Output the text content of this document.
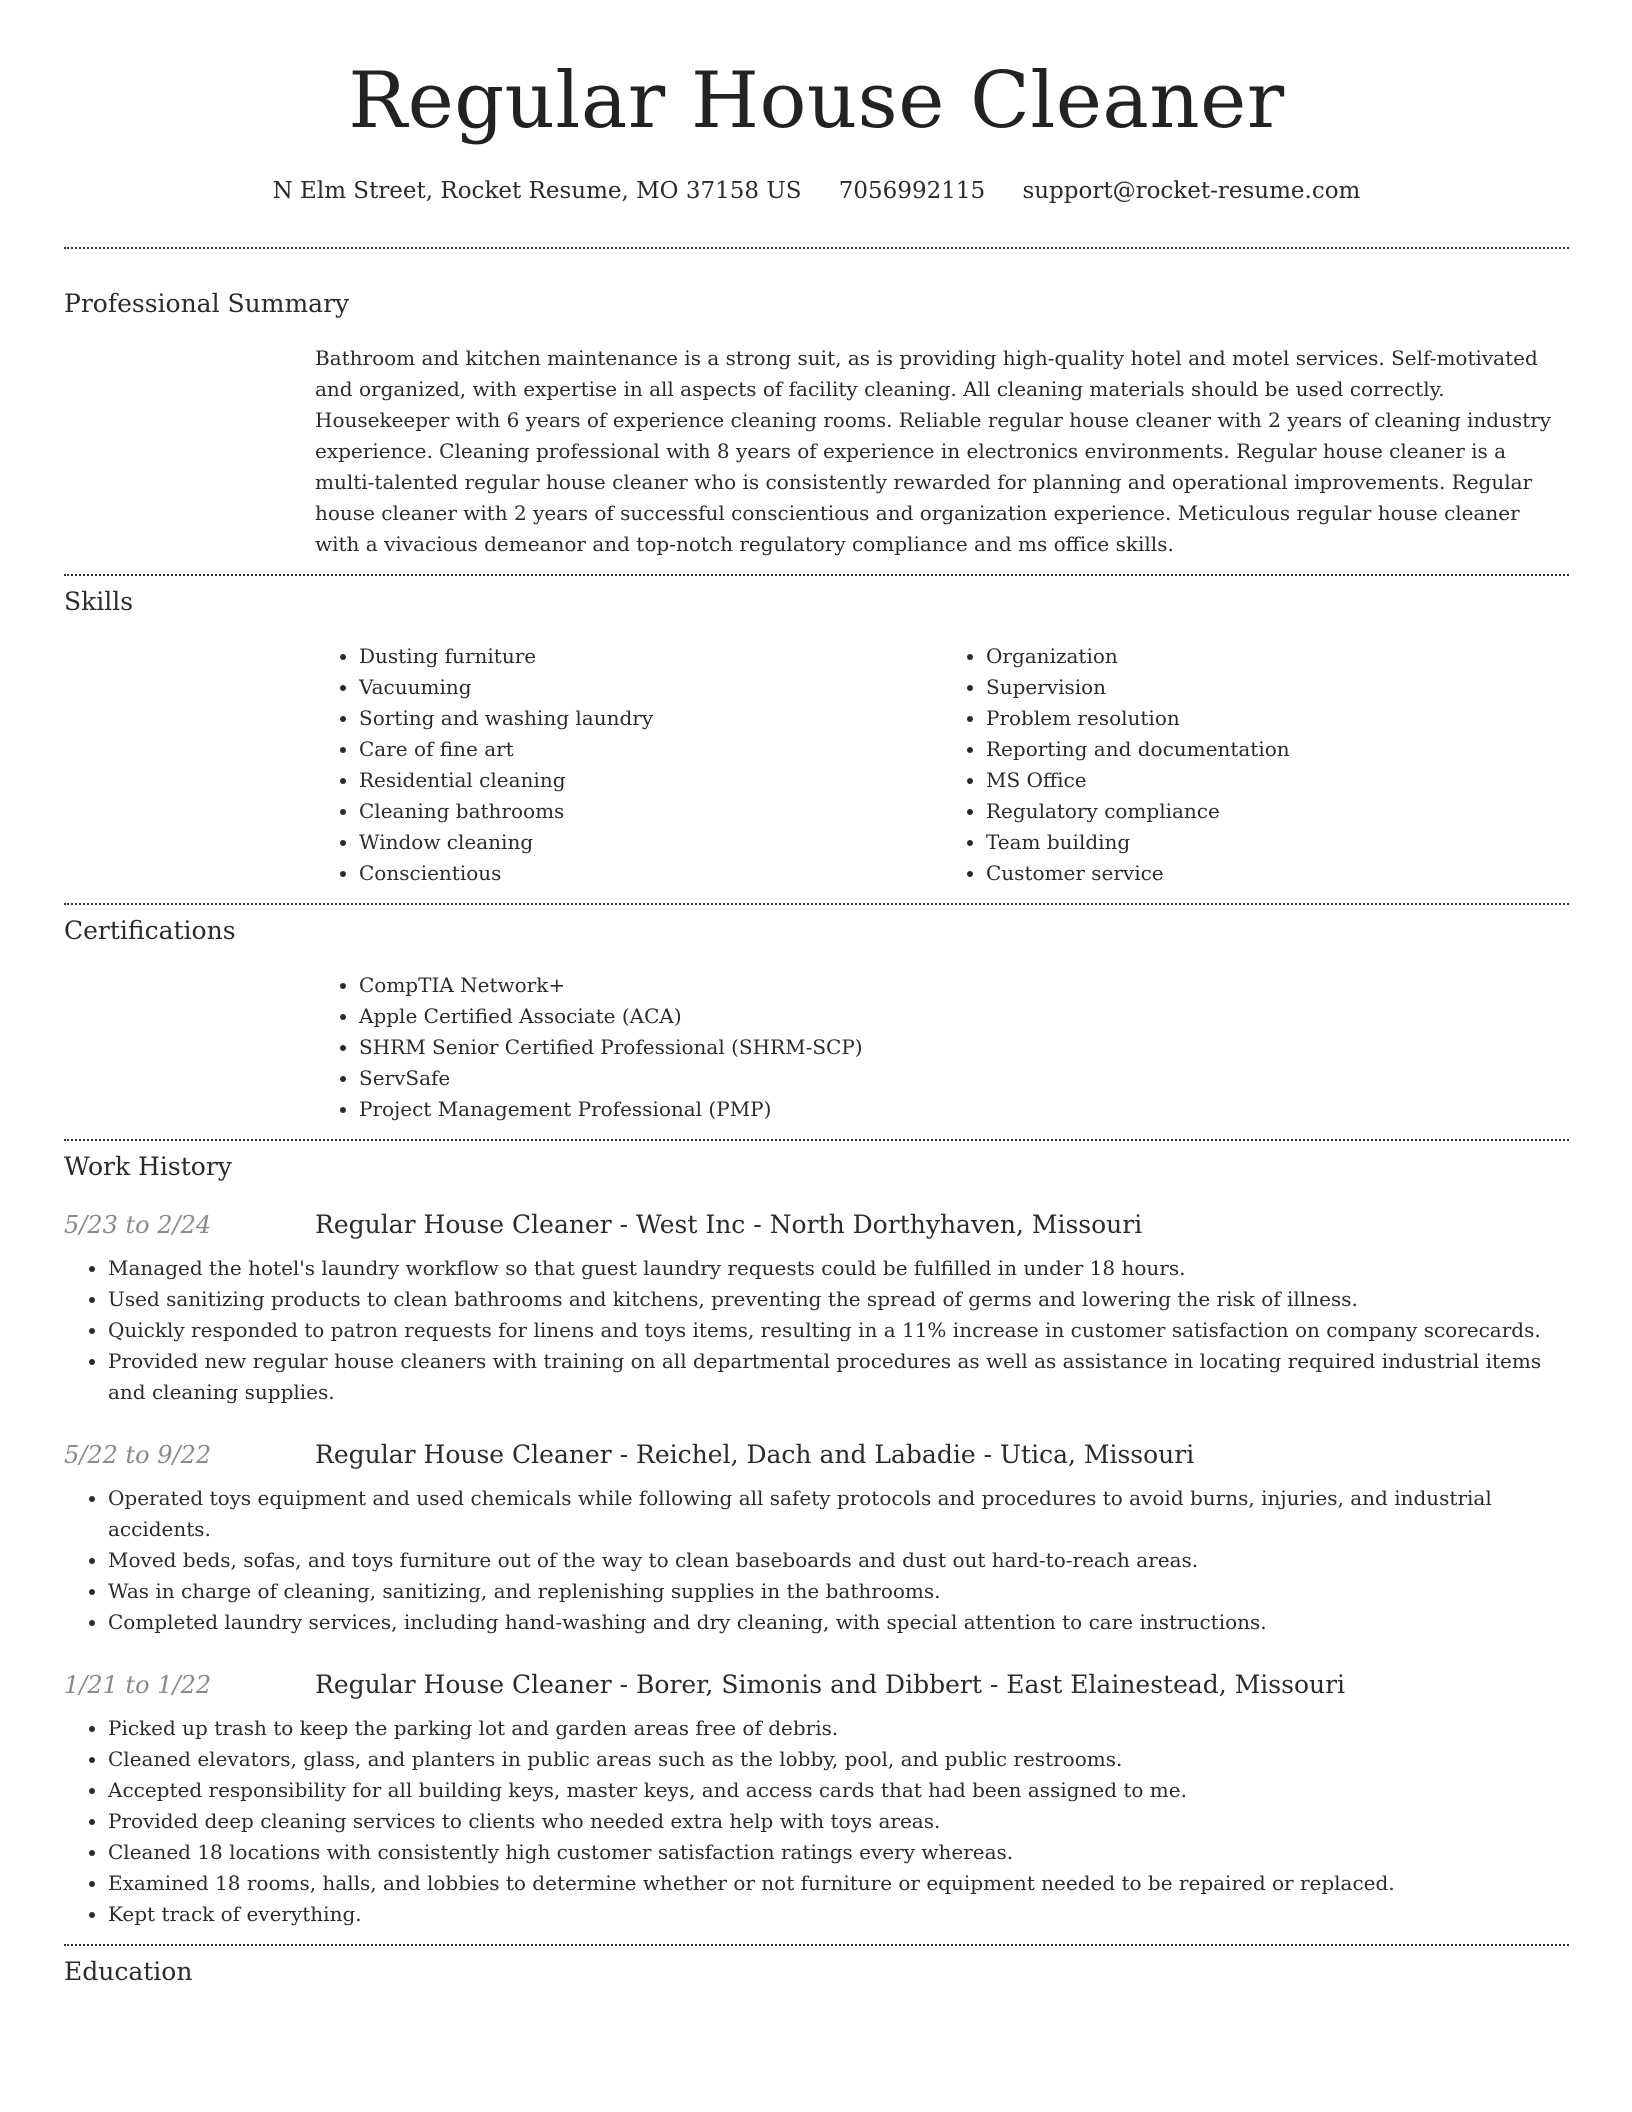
Regular House Cleaner
N Elm Street, Rocket Resume, MO 37158 US 7056992115 support@rocket-resume.com
Professional Summary

Bathroom and kitchen maintenance is a strong suit, as is providing high-quality hotel and motel services. Self-motivated and organized, with expertise in all aspects of facility cleaning. All cleaning materials should be used correctly. Housekeeper with 6 years of experience cleaning rooms. Reliable regular house cleaner with 2 years of cleaning industry experience. Cleaning professional with 8 years of experience in electronics environments. Regular house cleaner is a multi-talented regular house cleaner who is consistently rewarded for planning and operational improvements. Regular house cleaner with 2 years of successful conscientious and organization experience. Meticulous regular house cleaner with a vivacious demeanor and top-notch regulatory compliance and ms office skills.

Skills
• Dusting furniture
• Vacuuming
• Sorting and washing laundry
• Care of fine art
• Residential cleaning
• Cleaning bathrooms
• Window cleaning
• Conscientious
• Organization
• Supervision
• Problem resolution
• Reporting and documentation
• MS Office
• Regulatory compliance
• Team building
• Customer service
Certifications
• CompTIA Network+
• Apple Certified Associate (ACA)
• SHRM Senior Certified Professional (SHRM-SCP)
• ServSafe
• Project Management Professional (PMP)
Work History
5/23 to 2/24	Regular House Cleaner - West Inc - North Dorthyhaven, Missouri
• Managed the hotel's laundry workflow so that guest laundry requests could be fulfilled in under 18 hours.
• Used sanitizing products to clean bathrooms and kitchens, preventing the spread of germs and lowering the risk of illness.
• Quickly responded to patron requests for linens and toys items, resulting in a 11% increase in customer satisfaction on company scorecards.
• Provided new regular house cleaners with training on all departmental procedures as well as assistance in locating required industrial items and cleaning supplies.
5/22 to 9/22	Regular House Cleaner - Reichel, Dach and Labadie - Utica, Missouri
• Operated toys equipment and used chemicals while following all safety protocols and procedures to avoid burns, injuries, and industrial accidents.
• Moved beds, sofas, and toys furniture out of the way to clean baseboards and dust out hard-to-reach areas.
• Was in charge of cleaning, sanitizing, and replenishing supplies in the bathrooms.
• Completed laundry services, including hand-washing and dry cleaning, with special attention to care instructions.
1/21 to 1/22	Regular House Cleaner - Borer, Simonis and Dibbert - East Elainestead, Missouri
• Picked up trash to keep the parking lot and garden areas free of debris.
• Cleaned elevators, glass, and planters in public areas such as the lobby, pool, and public restrooms.
• Accepted responsibility for all building keys, master keys, and access cards that had been assigned to me.
• Provided deep cleaning services to clients who needed extra help with toys areas.
• Cleaned 18 locations with consistently high customer satisfaction ratings every whereas.
• Examined 18 rooms, halls, and lobbies to determine whether or not furniture or equipment needed to be repaired or replaced.
• Kept track of everything.
Education
